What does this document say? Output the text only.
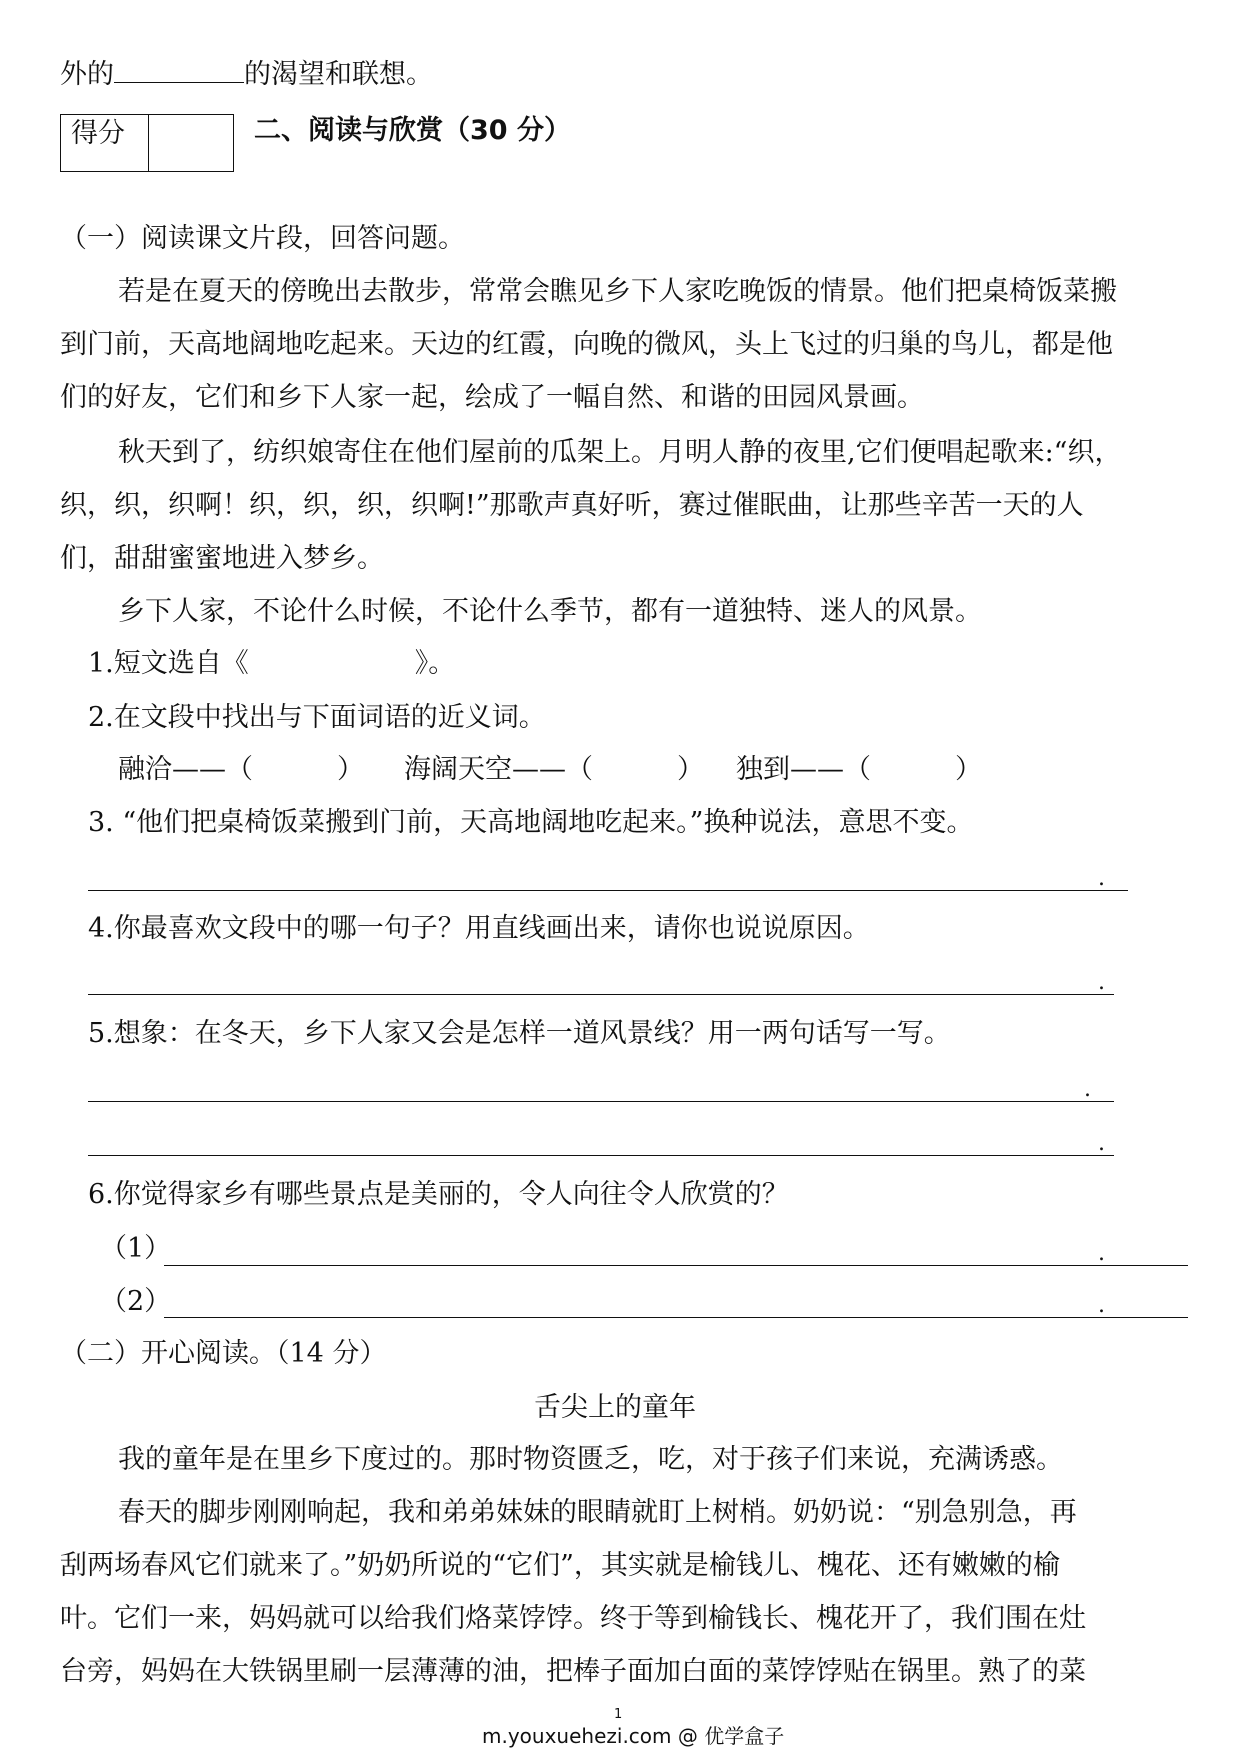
外的	的渴望和联想。
得分		二、阅读与欣赏（30 分）
（一）阅读课文片段，回答问题。
若是在夏天的傍晚出去散步，常常会瞧见乡下人家吃晚饭的情景。他们把桌椅饭菜搬
到门前，天高地阔地吃起来。天边的红霞，向晚的微风，头上飞过的归巢的鸟儿，都是他
们的好友，它们和乡下人家一起，绘成了一幅自然、和谐的田园风景画。
秋天到了，纺织娘寄住在他们屋前的瓜架上。月明人静的夜里,它们便唱起歌来:“织，
织，织，织啊！织，织，织，织啊!”那歌声真好听，赛过催眠曲，让那些辛苦一天的人
们，甜甜蜜蜜地进入梦乡。
乡下人家，不论什么时候，不论什么季节，都有一道独特、迷人的风景。
1.短文选自《	》。
2.在文段中找出与下面词语的近义词。
融洽——（	） 海阔天空——（	） 独到——（	）
3. “他们把桌椅饭菜搬到门前，天高地阔地吃起来。”换种说法，意思不变。
.
4.你最喜欢文段中的哪一句子？用直线画出来，请你也说说原因。
.
5.想象：在冬天，乡下人家又会是怎样一道风景线？用一两句话写一写。
.
.
6.你觉得家乡有哪些景点是美丽的，令人向往令人欣赏的？
（1）	.
（2）	.
（二）开心阅读。（14 分）
舌尖上的童年
我的童年是在里乡下度过的。那时物资匮乏，吃，对于孩子们来说，充满诱惑。
春天的脚步刚刚响起，我和弟弟妹妹的眼睛就盯上树梢。奶奶说：“别急别急，再
刮两场春风它们就来了。”奶奶所说的“它们”，其实就是榆钱儿、槐花、还有嫩嫩的榆
叶。它们一来，妈妈就可以给我们烙菜饽饽。终于等到榆钱长、槐花开了，我们围在灶
台旁，妈妈在大铁锅里刷一层薄薄的油，把棒子面加白面的菜饽饽贴在锅里。熟了的菜
1
m.youxuehezi.com @ 优学盒子
